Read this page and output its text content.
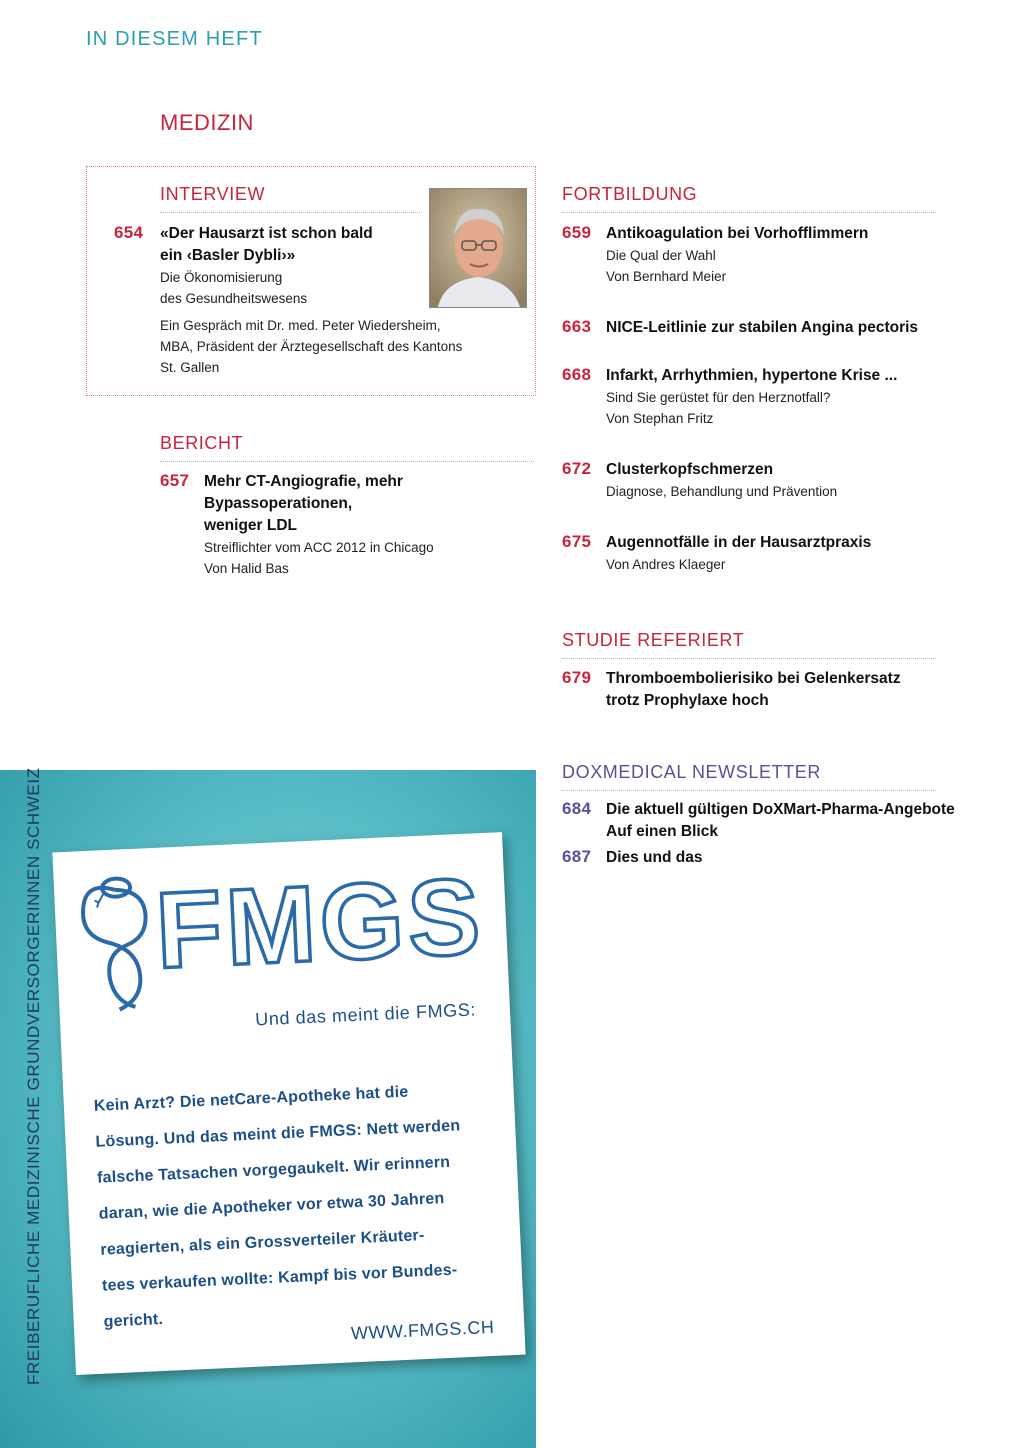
IN DIESEM HEFT
MEDIZIN
INTERVIEW
654 «Der Hausarzt ist schon bald
ein ‹Basler Dybli›»
Die Ökonomisierung
des Gesundheitswesens
Ein Gespräch mit Dr. med. Peter Wiedersheim,
MBA, Präsident der Ärztegesellschaft des Kantons
St. Gallen
BERICHT
657 Mehr CT-Angiografie, mehr Bypassoperationen,
weniger LDL
Streiflichter vom ACC 2012 in Chicago
Von Halid Bas
FORTBILDUNG
659 Antikoagulation bei Vorhofflimmern
Die Qual der Wahl
Von Bernhard Meier
663 NICE-Leitlinie zur stabilen Angina pectoris
668 Infarkt, Arrhythmien, hypertone Krise ...
Sind Sie gerüstet für den Herznotfall?
Von Stephan Fritz
672 Clusterkopfschmerzen
Diagnose, Behandlung und Prävention
675 Augennotfälle in der Hausarztpraxis
Von Andres Klaeger
STUDIE REFERIERT
679 Thromboembolierisiko bei Gelenkersatz
trotz Prophylaxe hoch
DOXMEDICAL NEWSLETTER
684 Die aktuell gültigen DoXMart-Pharma-Angebote
Auf einen Blick
687 Dies und das
FREIBERUFLICHE MEDIZINISCHE GRUNDVERSORGERINNEN SCHWEIZ FMGS
Und das meint die FMGS:
Kein Arzt? Die netCare-Apotheke hat die
Lösung. Und das meint die FMGS: Nett werden
falsche Tatsachen vorgegaukelt. Wir erinnern
daran, wie die Apotheker vor etwa 30 Jahren
reagierten, als ein Grossverteiler Kräuter-
tees verkaufen wollte: Kampf bis vor Bundes-
gericht.	WWW.FMGS.CH
